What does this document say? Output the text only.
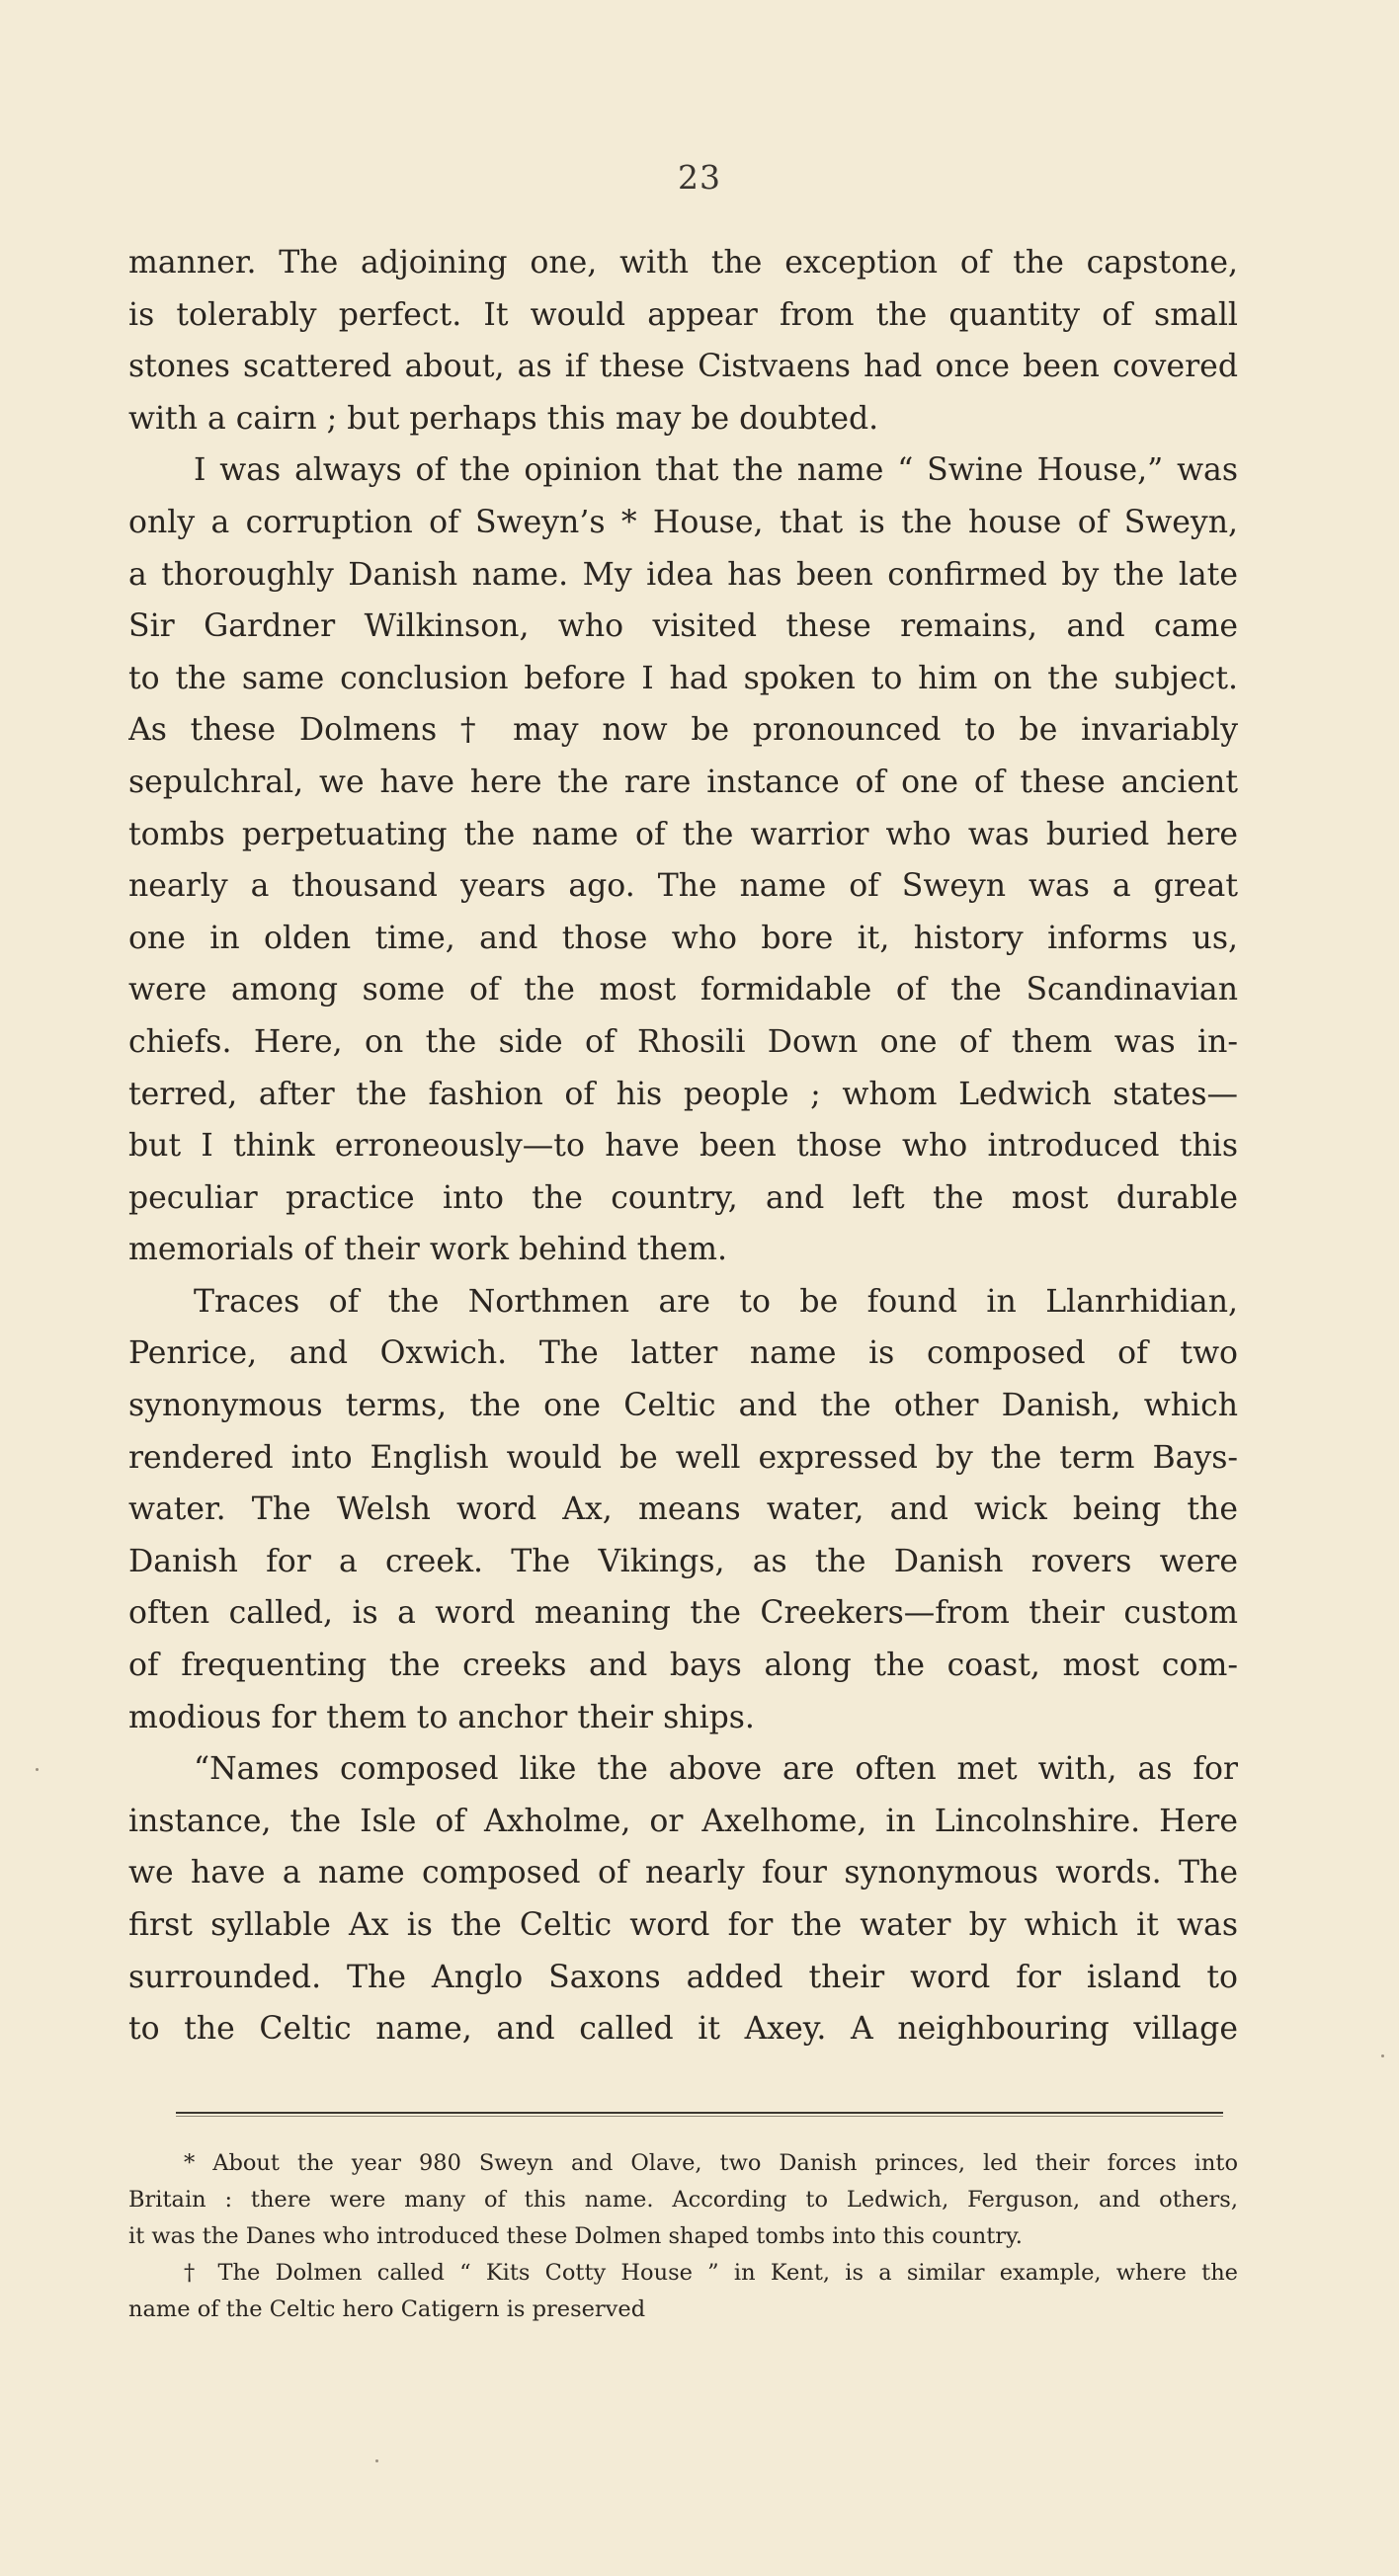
23
manner. The adjoining one, with the exception of the capstone,
is tolerably perfect. It would appear from the quantity of small
stones scattered about, as if these Cistvaens had once been covered
with a cairn ; but perhaps this may be doubted.
I was always of the opinion that the name “ Swine House,” was
only a corruption of Sweyn’s * House, that is the house of Sweyn,
a thoroughly Danish name. My idea has been confirmed by the late
Sir Gardner Wilkinson, who visited these remains, and came
to the same conclusion before I had spoken to him on the subject.
As these Dolmens † may now be pronounced to be invariably
sepulchral, we have here the rare instance of one of these ancient
tombs perpetuating the name of the warrior who was buried here
nearly a thousand years ago. The name of Sweyn was a great
one in olden time, and those who bore it, history informs us,
were among some of the most formidable of the Scandinavian
chiefs. Here, on the side of Rhosili Down one of them was in-
terred, after the fashion of his people ; whom Ledwich states—
but I think erroneously—to have been those who introduced this
peculiar practice into the country, and left the most durable
memorials of their work behind them.
Traces of the Northmen are to be found in Llanrhidian,
Penrice, and Oxwich. The latter name is composed of two
synonymous terms, the one Celtic and the other Danish, which
rendered into English would be well expressed by the term Bays-
water. The Welsh word Ax, means water, and wick being the
Danish for a creek. The Vikings, as the Danish rovers were
often called, is a word meaning the Creekers—from their custom
of frequenting the creeks and bays along the coast, most com-
modious for them to anchor their ships.
“Names composed like the above are often met with, as for
instance, the Isle of Axholme, or Axelhome, in Lincolnshire. Here
we have a name composed of nearly four synonymous words. The
first syllable Ax is the Celtic word for the water by which it was
surrounded. The Anglo Saxons added their word for island to
to the Celtic name, and called it Axey. A neighbouring village
* About the year 980 Sweyn and Olave, two Danish princes, led their forces into
Britain : there were many of this name. According to Ledwich, Ferguson, and others,
it was the Danes who introduced these Dolmen shaped tombs into this country.
† The Dolmen called “ Kits Cotty House ” in Kent, is a similar example, where the
name of the Celtic hero Catigern is preserved
